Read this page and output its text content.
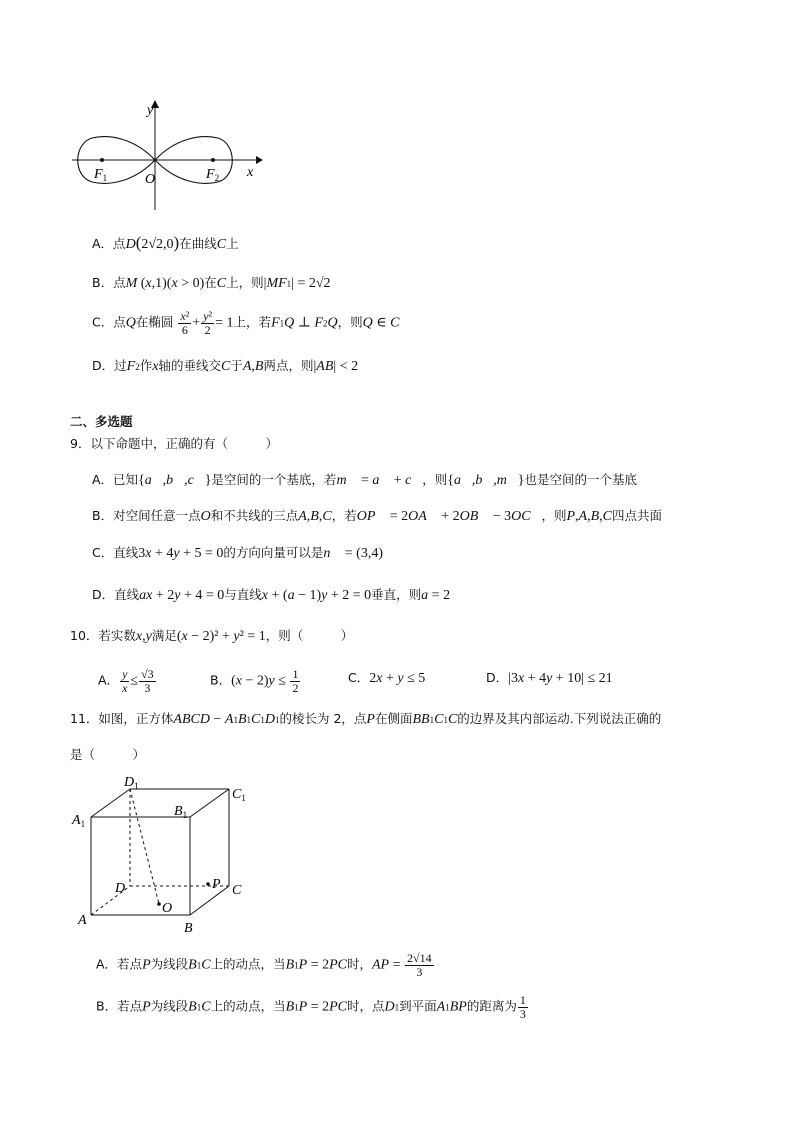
y
x
O
$F_1$	$F_2$
A．点D(2√2,0)在曲线C上
B．点M (x,1)(x > 0)在C上，则|MF1| = 2√2
C．点Q在椭圆 $\frac{\text{x²}}{6} + \frac{\text{y²}}{2} = 1$上，若F1Q ⊥ F2Q，则Q ∈ C
D．过F2作x轴的垂线交C于A,B两点，则|AB| < 2
二、多选题
9．以下命题中，正确的有（　　　）
A．已知{a⃗,b⃗,c⃗}是空间的一个基底，若m⃗ = a⃗ + c⃗，则{a⃗,b⃗,m⃗}也是空间的一个基底
B．对空间任意一点O和不共线的三点A,B,C，若OP⃗ = 2OA⃗ + 2OB⃗ − 3OC⃗，则P,A,B,C四点共面
C．直线3x + 4y + 5 = 0的方向向量可以是n⃗ = (3,4)
D．直线ax + 2y + 4 = 0与直线x + (a − 1)y + 2 = 0垂直，则a = 2
10．若实数x,y满足(x − 2)² + y² = 1，则（　　　）
A． $\frac{y}{x} \le \frac{√3}{3}$	B．$(x - 2)y \le \frac{1}{2}$	C．2x + y ≤ 5	D．|3x + 4y + 10| ≤ 21
11．如图，正方体ABCD − A1B1C1D1的棱长为 2，点P在侧面BB1C1C的边界及其内部运动.下列说法正确的
是（　　　）
$D_1$
$C_1$
$B_1$
$A_1$
D	C
P
O
A
B
A．若点P为线段B1C上的动点，当B1P = 2PC时，AP = $\frac{2√14}{3}$
B．若点P为线段B1C上的动点，当B1P = 2PC时，点D1到平面A1BP的距离为 $\frac{1}{3}$
